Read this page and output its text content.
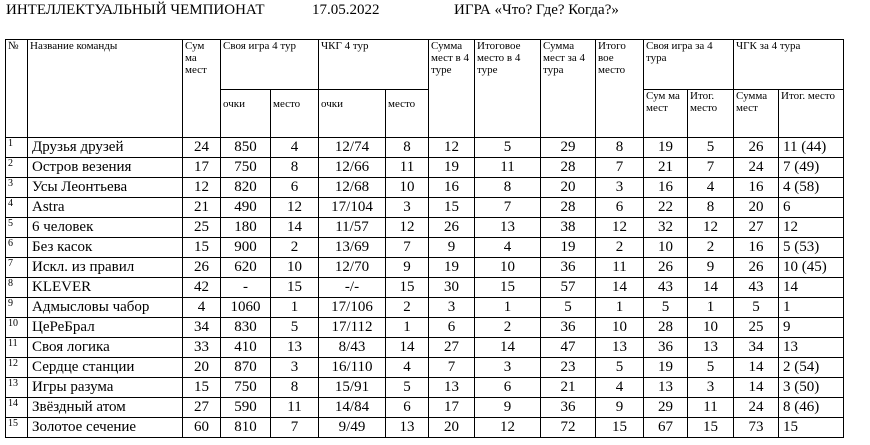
ИНТЕЛЛЕКТУАЛЬНЫЙ ЧЕМПИОНАТ	17.05.2022	ИГРА «Что? Где? Когда?»
№	Название команды	Сум ма мест	Своя игра 4 тур		ЧКГ 4 тур		Сумма мест в 4 туре	Итоговое место в 4 туре	Сумма мест за 4 тура	Итого вое место	Своя игра за 4 тура		ЧГК за 4 тура	
			очки	место	очки	место					Сум ма мест	Итог. место	Сумма мест	Итог. место
1	Друзья друзей	24	850	4	12/74	8	12	5	29	8	19	5	26	11 (44)
2	Остров везения	17	750	8	12/66	11	19	11	28	7	21	7	24	7 (49)
3	Усы Леонтьева	12	820	6	12/68	10	16	8	20	3	16	4	16	4 (58)
4	Astra	21	490	12	17/104	3	15	7	28	6	22	8	20	6
5	6 человек	25	180	14	11/57	12	26	13	38	12	32	12	27	12
6	Без касок	15	900	2	13/69	7	9	4	19	2	10	2	16	5 (53)
7	Искл. из правил	26	620	10	12/70	9	19	10	36	11	26	9	26	10 (45)
8	KLEVER	42	-	15	-/-	15	30	15	57	14	43	14	43	14
9	Адмысловы чабор	4	1060	1	17/106	2	3	1	5	1	5	1	5	1
10	ЦеРеБрал	34	830	5	17/112	1	6	2	36	10	28	10	25	9
11	Своя логика	33	410	13	8/43	14	27	14	47	13	36	13	34	13
12	Сердце станции	20	870	3	16/110	4	7	3	23	5	19	5	14	2 (54)
13	Игры разума	15	750	8	15/91	5	13	6	21	4	13	3	14	3 (50)
14	Звёздный атом	27	590	11	14/84	6	17	9	36	9	29	11	24	8 (46)
15	Золотое сечение	60	810	7	9/49	13	20	12	72	15	67	15	73	15
